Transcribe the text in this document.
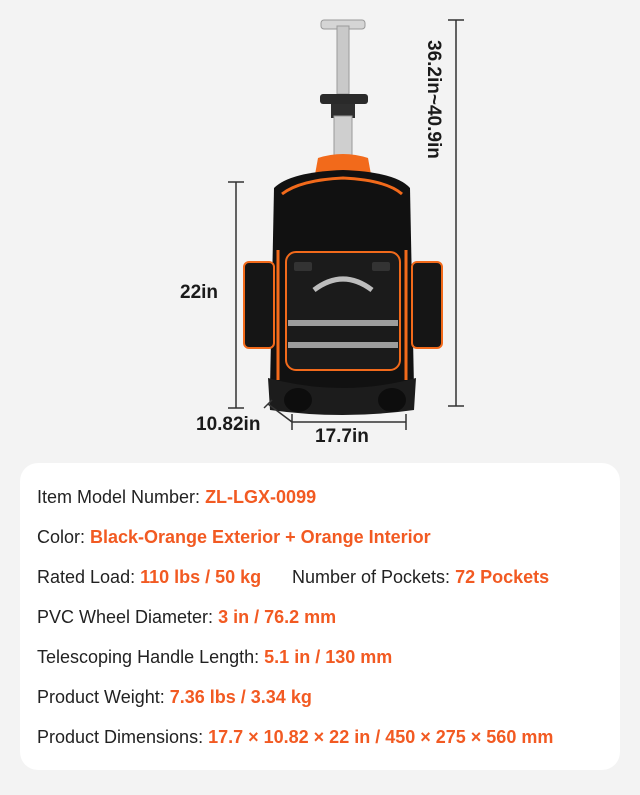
36.2in~40.9in
22in
10.82in
17.7in
Item Model Number: ZL-LGX-0099
Color: Black-Orange Exterior + Orange Interior
Rated Load: 110 lbs / 50 kg Number of Pockets: 72 Pockets
PVC Wheel Diameter: 3 in / 76.2 mm
Telescoping Handle Length: 5.1 in / 130 mm
Product Weight: 7.36 lbs / 3.34 kg
Product Dimensions: 17.7 × 10.82 × 22 in / 450 × 275 × 560 mm
